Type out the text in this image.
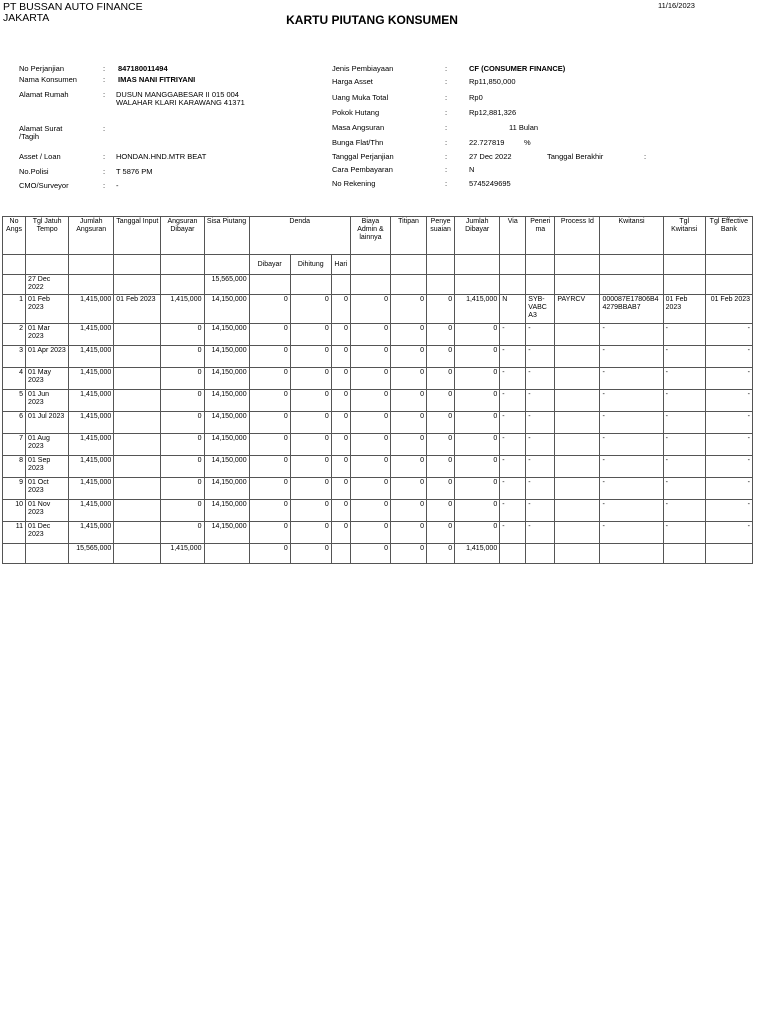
PT BUSSAN AUTO FINANCE
JAKARTA
11/16/2023
KARTU PIUTANG KONSUMEN
No Perjanjian	: 847180011494
Nama Konsumen	: IMAS NANI FITRIYANI
Alamat Rumah	: DUSUN MANGGABESAR II 015 004
WALAHAR KLARI KARAWANG 41371
Alamat Surat
/Tagih
:
Asset / Loan	: HONDAN.HND.MTR BEAT
No.Polisi	: T 5876 PM
CMO/Surveyor	: -
Jenis Pembiayaan	:	CF (CONSUMER FINANCE)
Harga Asset	:	Rp11,850,000
Uang Muka Total	:	Rp0
Pokok Hutang	:	Rp12,881,326
Masa Angsuran	:	11 Bulan
Bunga Flat/Thn	:	22.727819	%
Tanggal Perjanjian	:	27 Dec 2022	Tanggal Berakhir	:
Cara Pembayaran	:	N
No Rekening	:	5745249695
No Angs	Tgl Jatuh Tempo	Jumlah Angsuran	Tanggal Input	Angsuran Dibayar	Sisa Piutang	Denda			Biaya Admin & lainnya	Titipan	Penye suaian	Jumlah Dibayar	Via	Peneri ma	Process Id	Kwitansi	Tgl Kwitansi	Tgl Effective Bank
						Dibayar	Dihitung	Hari										
	27 Dec 2022				15,565,000													
1	01 Feb 2023	1,415,000	01 Feb 2023	1,415,000	14,150,000	0	0	0	0	0	0	1,415,000	N	SYB-VABC A3	PAYRCV	000087E17806B44279BBAB7	01 Feb 2023	01 Feb 2023
2	01 Mar 2023	1,415,000		0	14,150,000	0	0	0	0	0	0	0	-	-		-	-	-
3	01 Apr 2023	1,415,000		0	14,150,000	0	0	0	0	0	0	0	-	-		-	-	-
4	01 May 2023	1,415,000		0	14,150,000	0	0	0	0	0	0	0	-	-		-	-	-
5	01 Jun 2023	1,415,000		0	14,150,000	0	0	0	0	0	0	0	-	-		-	-	-
6	01 Jul 2023	1,415,000		0	14,150,000	0	0	0	0	0	0	0	-	-		-	-	-
7	01 Aug 2023	1,415,000		0	14,150,000	0	0	0	0	0	0	0	-	-		-	-	-
8	01 Sep 2023	1,415,000		0	14,150,000	0	0	0	0	0	0	0	-	-		-	-	-
9	01 Oct 2023	1,415,000		0	14,150,000	0	0	0	0	0	0	0	-	-		-	-	-
10	01 Nov 2023	1,415,000		0	14,150,000	0	0	0	0	0	0	0	-	-		-	-	-
11	01 Dec 2023	1,415,000		0	14,150,000	0	0	0	0	0	0	0	-	-		-	-	-
		15,565,000		1,415,000		0	0		0	0	0	1,415,000						
